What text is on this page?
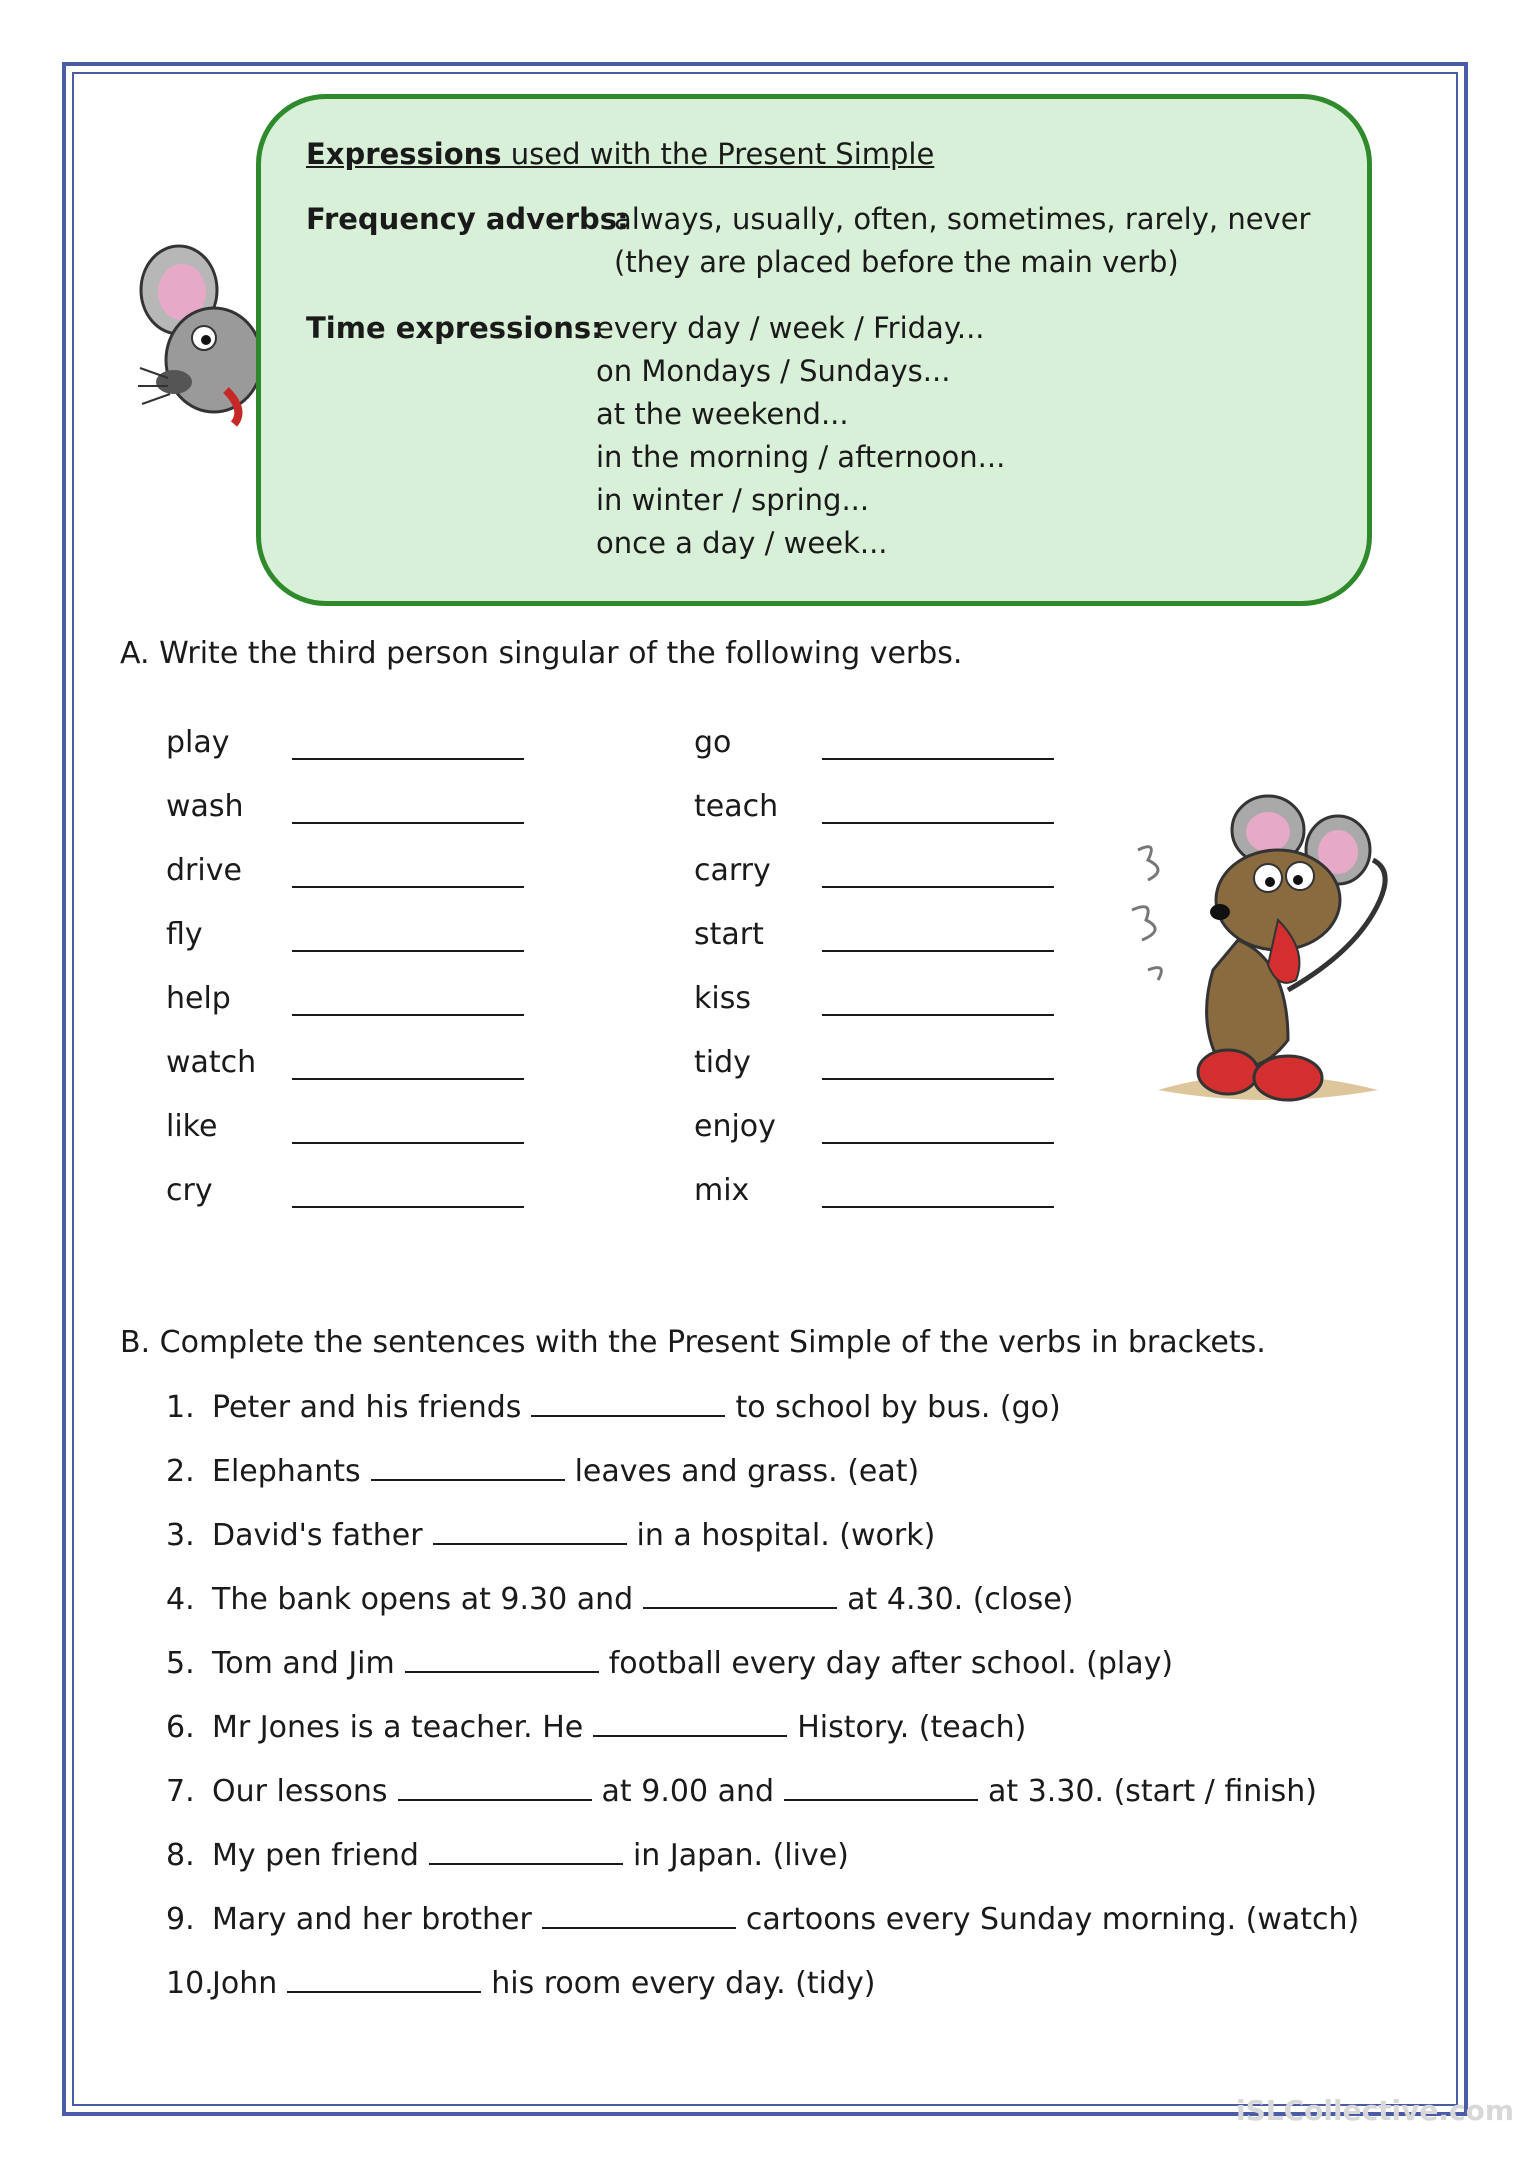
Expressions used with the Present Simple
Frequency adverbs:
always, usually, often, sometimes, rarely, never
(they are placed before the main verb)
Time expressions:
every day / week / Friday...
on Mondays / Sundays...
at the weekend...
in the morning / afternoon...
in winter / spring...
once a day / week...
A. Write the third person singular of the following verbs.
play
wash
drive
fly
help
watch
like
cry
go
teach
carry
start
kiss
tidy
enjoy
mix
B. Complete the sentences with the Present Simple of the verbs in brackets.
1. Peter and his friends	to school by bus. (go)
2. Elephants	leaves and grass. (eat)
3. David's father	in a hospital. (work)
4. The bank opens at 9.30 and	at 4.30. (close)
5. Tom and Jim	football every day after school. (play)
6. Mr Jones is a teacher. He	History. (teach)
7. Our lessons	at 9.00 and	at 3.30. (start / finish)
8. My pen friend	in Japan. (live)
9. Mary and her brother	cartoons every Sunday morning. (watch)
10.
John	his room every day. (tidy)
iSLCollective.com
